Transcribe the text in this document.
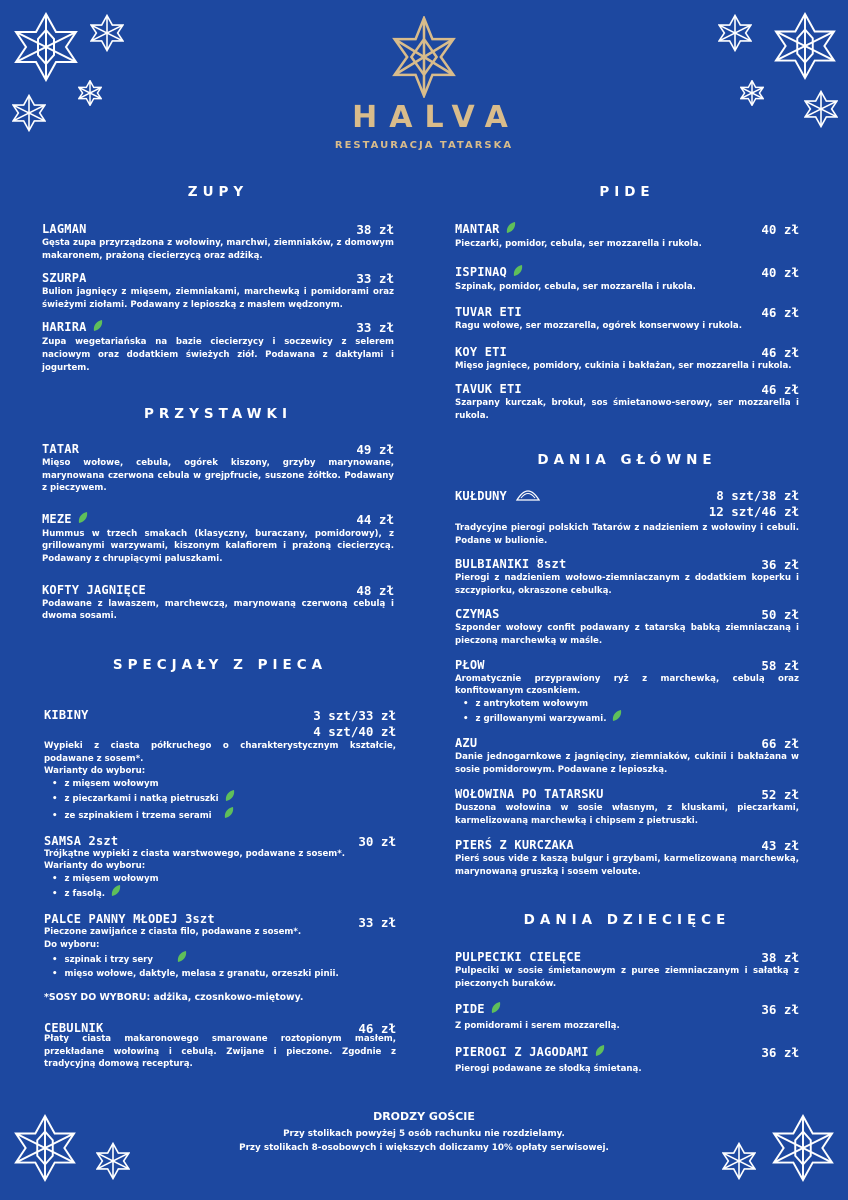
HALVA
RESTAURACJA TATARSKA
ZUPY
LAGMAN	38 zł
Gęsta zupa przyrządzona z wołowiny, marchwi, ziemniaków, z domowym makaronem, prażoną ciecierzycą oraz adżiką.
SZURPA	33 zł
Bulion jagnięcy z mięsem, ziemniakami, marchewką i pomidorami oraz świeżymi ziołami. Podawany z lepioszką z masłem wędzonym.
HARIRA	33 zł
Zupa wegetariańska na bazie ciecierzycy i soczewicy z selerem naciowym oraz dodatkiem świeżych ziół. Podawana z daktylami i jogurtem.
PRZYSTAWKI
TATAR	49 zł
Mięso wołowe, cebula, ogórek kiszony, grzyby marynowane, marynowana czerwona cebula w grejpfrucie, suszone żółtko. Podawany z pieczywem.
MEZE	44 zł
Hummus w trzech smakach (klasyczny, buraczany, pomidorowy), z grillowanymi warzywami, kiszonym kalafiorem i prażoną ciecierzycą. Podawany z chrupiącymi paluszkami.
KOFTY JAGNIĘCE	48 zł
Podawane z lawaszem, marchewczą, marynowaną czerwoną cebulą i dwoma sosami.
SPECJAŁY Z PIECA
KIBINY	3 szt/33 zł
4 szt/40 zł
Wypieki z ciasta półkruchego o charakterystycznym kształcie, podawane z sosem*.
Warianty do wyboru:
• z mięsem wołowym
• z pieczarkami i natką pietruszki
• ze szpinakiem i trzema serami
SAMSA 2szt	30 zł
Trójkątne wypieki z ciasta warstwowego, podawane z sosem*.
Warianty do wyboru:
• z mięsem wołowym
• z fasolą.
PALCE PANNY MŁODEJ 3szt	33 zł
Pieczone zawijańce z ciasta filo, podawane z sosem*.
Do wyboru:
• szpinak i trzy sery
• mięso wołowe, daktyle, melasa z granatu, orzeszki pinii.
*SOSY DO WYBORU: adżika, czosnkowo-miętowy.
CEBULNIK	46 zł
Płaty ciasta makaronowego smarowane roztopionym masłem, przekładane wołowiną i cebulą. Zwijane i pieczone. Zgodnie z tradycyjną domową recepturą.
PIDE
MANTAR	40 zł
Pieczarki, pomidor, cebula, ser mozzarella i rukola.
ISPINAQ	40 zł
Szpinak, pomidor, cebula, ser mozzarella i rukola.
TUVAR ETI	46 zł
Ragu wołowe, ser mozzarella, ogórek konserwowy i rukola.
KOY ETI	46 zł
Mięso jagnięce, pomidory, cukinia i bakłażan, ser mozzarella i rukola.
TAVUK ETI	46 zł
Szarpany kurczak, brokuł, sos śmietanowo-serowy, ser mozzarella i rukola.
DANIA GŁÓWNE
KUŁDUNY	8 szt/38 zł
12 szt/46 zł
Tradycyjne pierogi polskich Tatarów z nadzieniem z wołowiny i cebuli. Podane w bulionie.
BULBIANIKI 8szt	36 zł
Pierogi z nadzieniem wołowo-ziemniaczanym z dodatkiem koperku i szczypiorku, okraszone cebulką.
CZYMAS	50 zł
Szponder wołowy confit podawany z tatarską babką ziemniaczaną i pieczoną marchewką w maśle.
PŁOW	58 zł
Aromatycznie przyprawiony ryż z marchewką, cebulą oraz konfitowanym czosnkiem.
• z antrykotem wołowym
• z grillowanymi warzywami.
AZU	66 zł
Danie jednogarnkowe z jagnięciny, ziemniaków, cukinii i bakłażana w sosie pomidorowym. Podawane z lepioszką.
WOŁOWINA PO TATARSKU	52 zł
Duszona wołowina w sosie własnym, z kluskami, pieczarkami, karmelizowaną marchewką i chipsem z pietruszki.
PIERŚ Z KURCZAKA	43 zł
Pierś sous vide z kaszą bulgur i grzybami, karmelizowaną marchewką, marynowaną gruszką i sosem veloute.
DANIA DZIECIĘCE
PULPECIKI CIELĘCE	38 zł
Pulpeciki w sosie śmietanowym z puree ziemniaczanym i sałatką z pieczonych buraków.
PIDE	36 zł
Z pomidorami i serem mozzarellą.
PIEROGI Z JAGODAMI	36 zł
Pierogi podawane ze słodką śmietaną.
DRODZY GOŚCIE
Przy stolikach powyżej 5 osób rachunku nie rozdzielamy.
Przy stolikach 8-osobowych i większych doliczamy 10% opłaty serwisowej.
